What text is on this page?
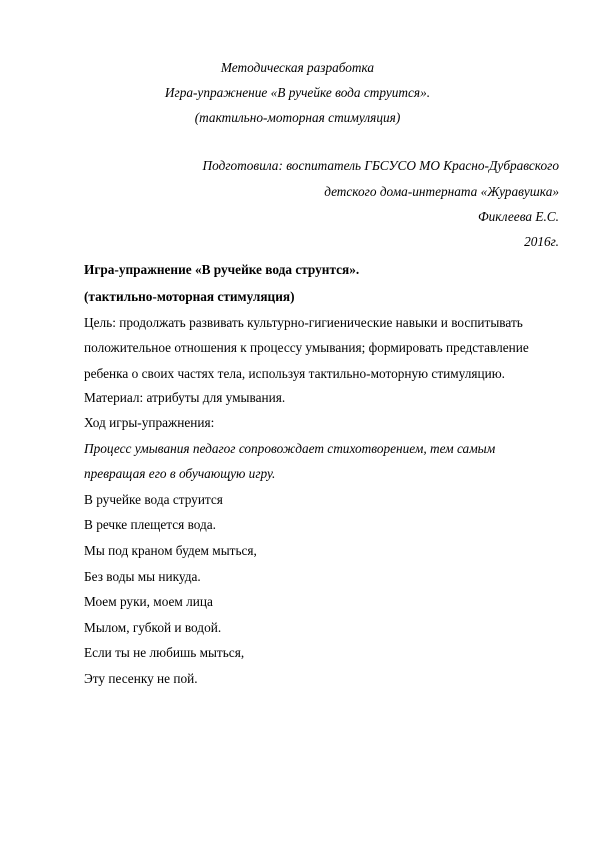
Методическая разработка
Игра-упражнение «В ручейке вода струится».
(тактильно-моторная стимуляция)
Подготовила: воспитатель ГБСУСО МО Красно-Дубравского
детского дома-интерната «Журавушка»
Фиклеева Е.С.
2016г.
Игра-упражнение «В ручейке вода струнтся».
(тактильно-моторная стимуляция)
Цель: продолжать развивать культурно-гигиенические навыки и воспитывать
положительное отношения к процессу умывания; формировать представление
ребенка о своих частях тела, используя тактильно-моторную стимуляцию.
Материал: атрибуты для умывания.
Ход игры-упражнения:
Процесс умывания педагог сопровождает стихотворением, тем самым
превращая его в обучающую игру.
В ручейке вода струится
В речке плещется вода.
Мы под краном будем мыться,
Без воды мы никуда.
Моем руки, моем лица
Мылом, губкой и водой.
Если ты не любишь мыться,
Эту песенку не пой.
